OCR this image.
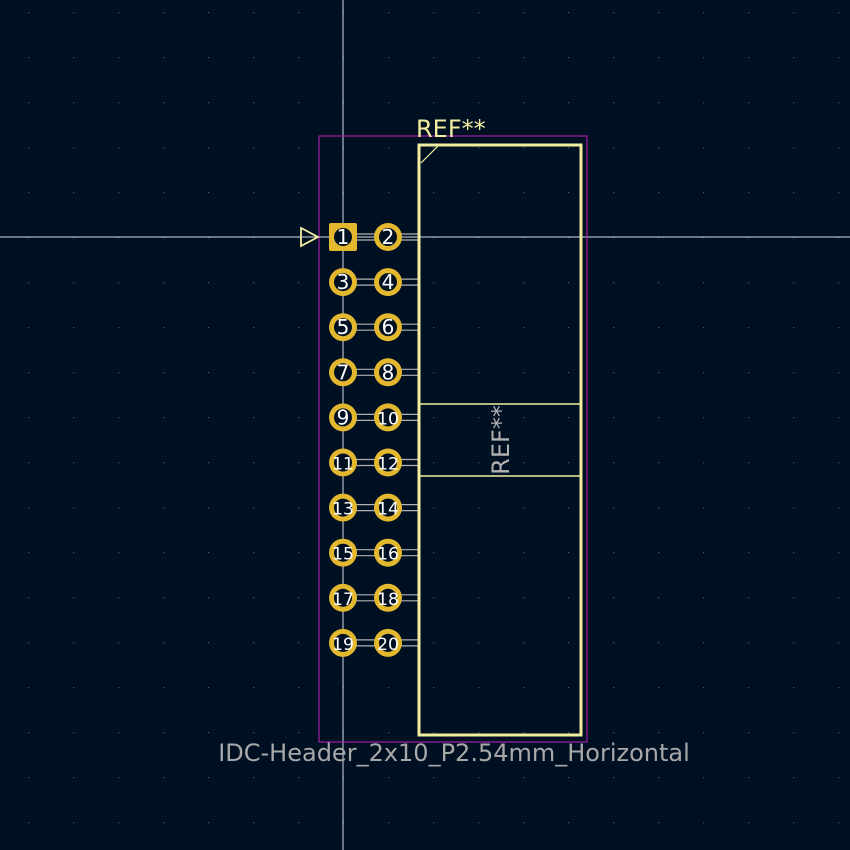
1 2
3 4
5 6
7 8
9 10
11 12
13 14
15 16
17 18
19 20
REF**
REF**
IDC-Header_2x10_P2.54mm_Horizontal
